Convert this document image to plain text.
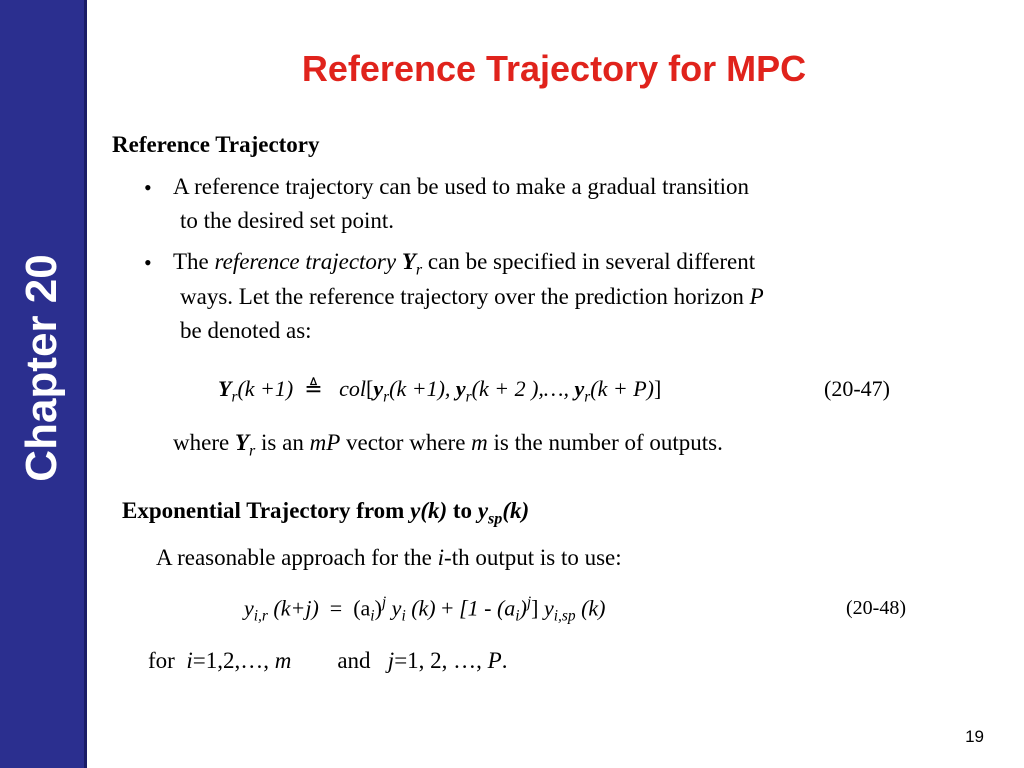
Chapter 20
Reference Trajectory for MPC
Reference Trajectory
• A reference trajectory can be used to make a gradual transition
to the desired set point.
• The reference trajectory $Y_r$ can be specified in several different
ways. Let the reference trajectory over the prediction horizon P
be denoted as:
$Y_r(k +1)$ ≜ $col[y_r(k +1)$, $y_r(k + 2$ ),…, $y_r(k + P)$]	(20-47)
where $Y_r$ is an mP vector where m is the number of outputs.
Exponential Trajectory from y(k) to $y_{sp}(k)$
A reasonable approach for the i-th output is to use:
$y_{i,r}$ $(k+j) = (a_i)^j$ $y_i$ $(k) + [1 - (a_i)^j]$ $y_{i,sp}$ (k)	(20-48)
for i=1,2,…, m and j=1, 2, …, P.
19
